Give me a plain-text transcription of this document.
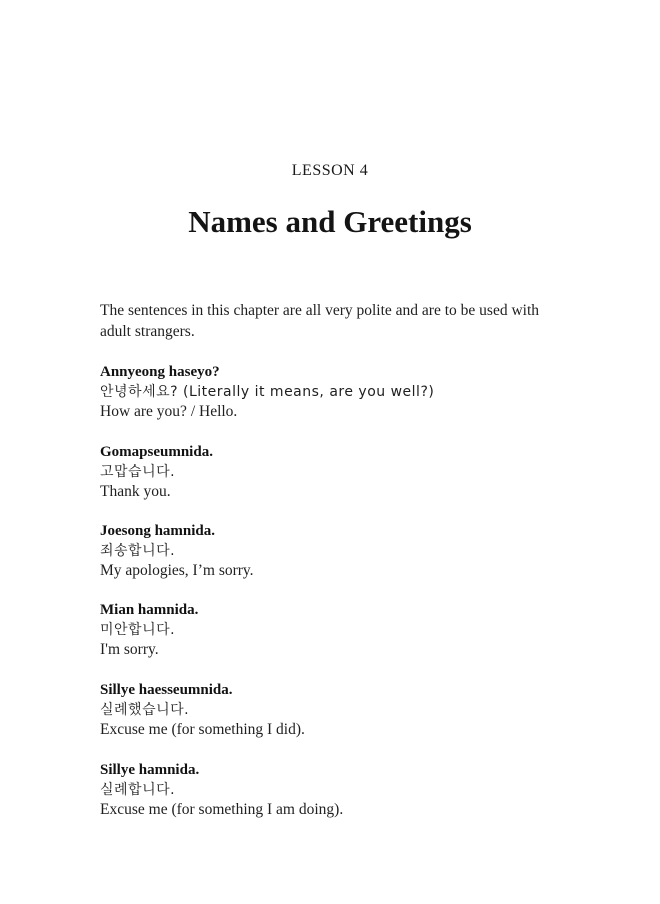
LESSON 4
Names and Greetings
The sentences in this chapter are all very polite and are to be used with adult strangers.
Annyeong haseyo?
안녕하세요? (Literally it means, are you well?)
How are you? / Hello.
Gomapseumnida.
고맙습니다.
Thank you.
Joesong hamnida.
죄송합니다.
My apologies, I’m sorry.
Mian hamnida.
미안합니다.
I'm sorry.
Sillye haesseumnida.
실례했습니다.
Excuse me (for something I did).
Sillye hamnida.
실례합니다.
Excuse me (for something I am doing).
